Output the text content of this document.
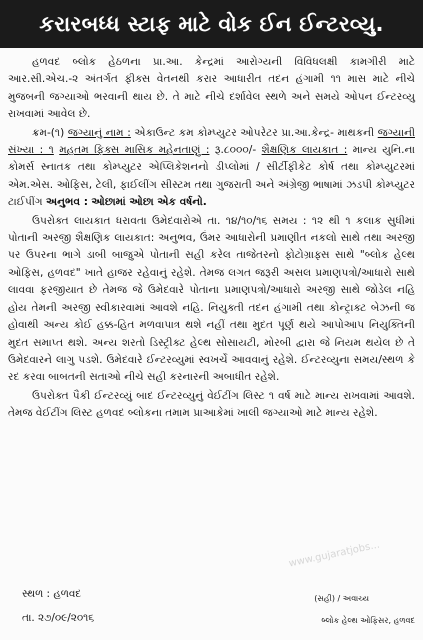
કરારબધ્ધ સ્ટાફ માટે વોક ઈન ઈન્ટરવ્યુ.

હળવદ બ્લોક હેઠળના પ્રા.આ. કેન્દ્રમાં આરોગ્યની વિવિધલક્ષી કામગીરી માટે આર.સી.એચ.-૨ અંતર્ગત ફીક્સ વેતનથી કરાર આધારીત તદન હંગામી ૧૧ માસ માટે નીચે મુજબની જગ્યાઓ ભરવાની થાય છે. તે માટે નીચે દર્શાવેલ સ્થળે અને સમયે ઓપન ઈન્ટરવ્યુ રાખવામાં આવેલ છે.

ક્રમ-(૧) જગ્યાનું નામ : એકાઉન્ટ કમ કોમ્પ્યુટર ઓપરેટર પ્રા.આ.કેન્દ્ર- માથકની જગ્યાની સંખ્યા : ૧ મહતમ ફિક્સ માસિક મહેનતાણું : રૂ.૮૦૦૦/- શૈક્ષણિક લાયકાત : માન્ય યુનિ.ના કોમર્સ સ્નાતક તથા કોમ્પ્યુટર એપ્લિકેશનનો ડીપ્લોમાં / સીર્ટીફીકેટ કોર્ષ તથા કોમ્પ્યુટરમાં એમ.એસ. ઓફિસ, ટેલી, ફાઈલીંગ સીસ્ટમ તથા ગુજરાતી અને અંગ્રેજી ભાષામાં ઝડપી કોમ્પ્યુટર ટાઈપીંગ અનુભવ : ઓછામાં ઓછા એક વર્ષનો.

ઉપરોક્ત લાયકાત ધરાવતા ઉમેદવારોએ તા. ૧૪/૧૦/૧૬ સમય : ૧૨ થી ૧ કલાક સુધીમાં પોતાની અરજી શૈક્ષણિક લાયકાત: અનુભવ, ઉંમર આધારોની પ્રમાણીત નકલો સાથે તથા અરજી પર ઉપરના ભાગે ડાબી બાજુએ પોતાની સહી કરેલ તાજેતરનો ફોટોગ્રાફ્સ સાથે "બ્લોક હેલ્થ ઓફિસ, હળવદ" ખાતે હાજર રહેવાનું રહેશે. તેમજ લગત જરૂરી અસલ પ્રમાણપત્રો/આધારો સાથે લાવવા ફરજીયાત છે તેમજ જે ઉમેદવારે પોતાના પ્રમાણપત્રો/આધારો અરજી સાથે જોડેલ નહિ હોય તેમની અરજી સ્વીકારવામાં આવશે નહિ. નિયુક્તી તદન હંગામી તથા કોન્ટ્રાક્ટ બેઝની જ હોવાથી અન્ય કોઈ હક્ક-હિત મળવાપાત્ર થશે નહીં તથા મુદત પૂર્ણ થયે આપોઆપ નિયુક્તિની મુદત સમાપ્ત થશે. અન્ય શરતો ડિસ્ટ્રીક્ટ હેલ્થ સોસાયટી, મોરબી દ્વારા જે નિયમ થયેલ છે તે ઉમેદવારને લાગુ પડશે. ઉમેદવારે ઈન્ટરવ્યુમાં સ્વખર્ચે આવવાનું રહેશે. ઈન્ટરવ્યુના સમય/સ્થળ કે રદ કરવા બાબતની સતાઓ નીચે સહી કરનારની અબાધીત રહેશે.

ઉપરોક્ત પૈકી ઈન્ટરવ્યું બાદ ઈન્ટરવ્યુનું વેઈટીંગ લિસ્ટ ૧ વર્ષ માટે માન્ય રાખવામાં આવશે. તેમજ વેઈટીંગ લિસ્ટ હળવદ બ્લોકના તમામ પ્રાઆકેમાં ખાલી જગ્યાઓ માટે માન્ય રહેશે.

www.gujaratjobs...
સ્થળ : હળવદ
તા. ૨૭/૦૯/૨૦૧૬
(સહી) / અવાચ્ય
બ્લોક હેલ્થ ઓફિસર, હળવદ
